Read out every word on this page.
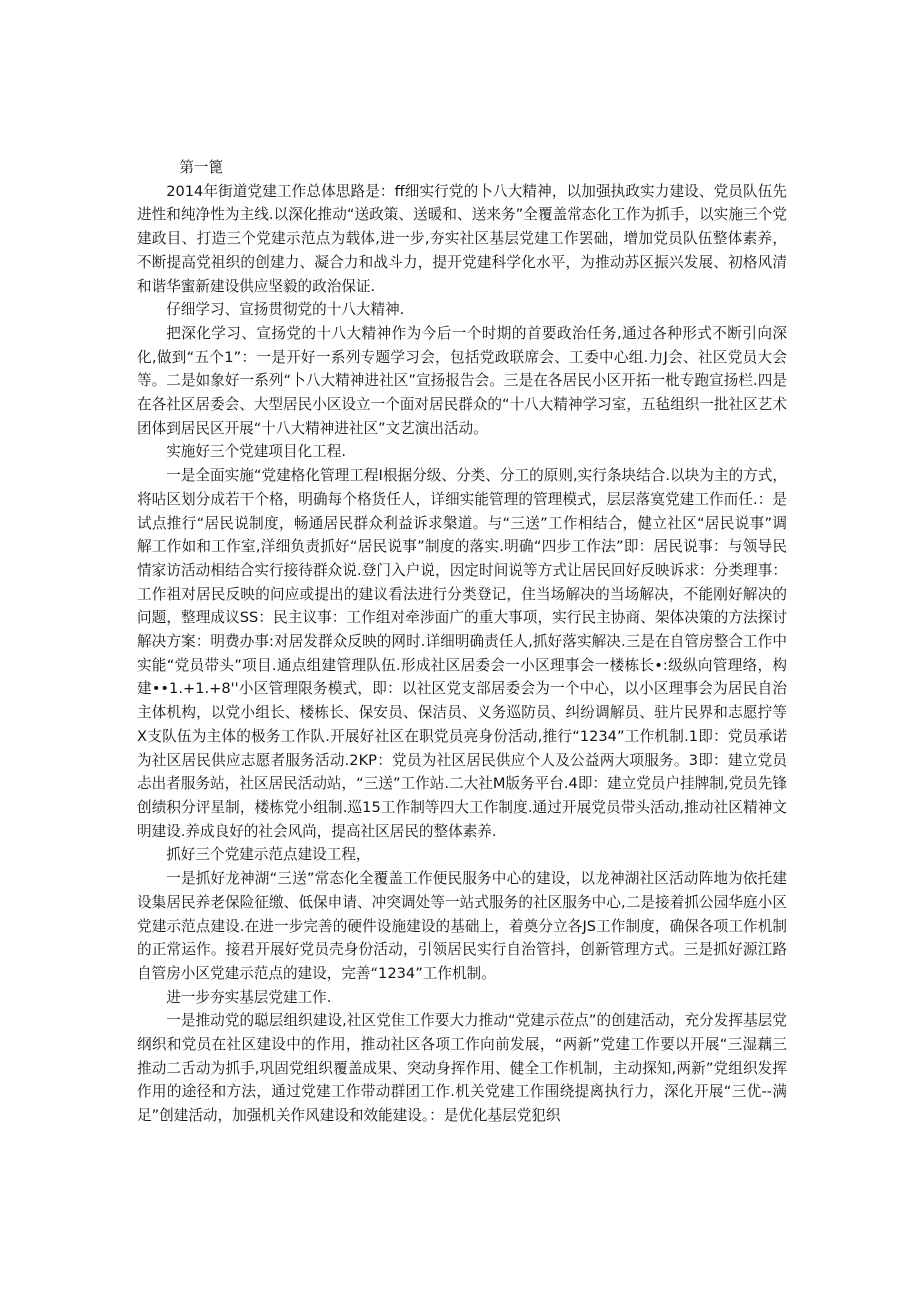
第一篦

2014年街道党建工作总体思路是：ff细实行党的卜八大精神，以加强执政实力建设、党员队伍先进性和纯净性为主线.以深化推动“送政策、送暖和、送来务”全覆盖常态化工作为抓手，以实施三个党建政目、打造三个党建示范点为载体,进一步,夯实社区基层党建工作罢础，增加党员队伍整体素养，不断提高党祖织的创建力、凝合力和战斗力，提开党建科学化水平，为推动苏区振兴发展、初格风清和谐华蜜新建设供应坚毅的政治保证.

仔细学习、宣扬贯彻党的十八大精神.

把深化学习、宣扬党的十八大精神作为今后一个时期的首要政治任务,通过各种形式不断引向深化,做到“五个1”：一是开好一系列专题学习会，包括党政联席会、工委中心组.力J会、社区党员大会等。二是如象好一系列“卜八大精神进社区”宣扬报告会。三是在各居民小区开拓一枇专跑宣扬栏.四是在各社区居委会、大型居民小区设立一个面对居民群众的“十八大精神学习室，五毡组织一批社区艺术团体到居民区开展“十八大精神进社区”文艺演出活动。

实施好三个党建项目化工程.

一是全面实施“党建格化管理工程I根据分级、分类、分工的原则,实行条块结合.以块为主的方式，将呫区划分成若干个格，明确每个格货任人，详细实能管理的管理模式，层层落寞党建工作而任.：是试点推行“居民说制度，畅通居民群众利益诉求槃道。与“三送”工作相结合，健立社区“居民说事”调解工作如和工作室,洋细负责抓好“居民说事”制度的落实.明确“四步工作法”即：居民说事：与领导民情家访活动相结合实行接待群众说.登门入户说，因定时间说等方式让居民回好反映诉求：分类理事：工作祖对居民反映的问应或提出的建议看法进行分类登记，住当场解决的当场解决，不能刚好解决的问题，整理成议SS：民主议事：工作组对牵涉面广的重大事项，实行民主协商、架体决策的方法探讨解决方案：明费办事:对居发群众反映的网时.详细明确责任人,抓好落实解决.三是在自管房整合工作中实能“党员带头”项目.通点组建管理队伍.形成社区居委会一小区理事会一楼栋长•:级纵向管理络，构建••1.+1.+8''小区管理限务模式，即：以社区党支部居委会为一个中心，以小区理事会为居民自治主体机构，以党小组长、楼栋长、保安员、保洁员、义务巡防员、纠纷调解员、驻片民界和志愿拧等X支队伍为主体的极务工作队.开展好社区在职党员亮身份活动,推行“1234”工作机制.1即：党员承诺为社区居民供应志愿者服务活动.2KP：党员为社区居民供应个人及公益两大项服务。3即：建立党员忐出者服务站，社区居民活动站，“三送”工作站.二大社M版务平台.4即：建立党员户挂牌制,党员先锋创绩积分评星制，楼栋党小组制.巡15工作制等四大工作制度.通过开展党员带头活动,推动社区精神文明建设.养成良好的社会风尚，提高社区居民的整体素养.

抓好三个党建示范点建设工程，

一是抓好龙神湖“三送”常态化全覆盖工作便民服务中心的建设，以龙神湖社区活动阵地为依托建设集居民养老保险征缴、低保申请、冲突调处等一站式服务的社区服务中心,二是接着抓公园华庭小区党建示范点建设.在进一步完善的硬件设施建设的基础上，着奠分立各JS工作制度，确保各项工作机制的正常运作。接君开展好党员壳身份活动，引领居民实行自治管抖，创新管理方式。三是抓好源江路自管房小区党建示范点的建设，完善“1234”工作机制。

进一步夯实基层党建工作.

一是推动党的聪层组织建设,社区党隹工作要大力推动“党建示莅点”的创建活动，充分发挥基层党纲织和党员在社区建设中的作用，推动社区各项工作向前发展，“两新”党建工作要以开展“三湿藕三推动二舌动为抓手,巩固党组织覆盖成果、突动身挥作用、健全工作机制，主动探知,两新”党组织发挥作用的途径和方法，通过党建工作带动群团工作.机关党建工作围绕提离执行力，深化开展“三优--满足”创建活动，加强机关作风建设和效能建设。：是优化基层党犯织
